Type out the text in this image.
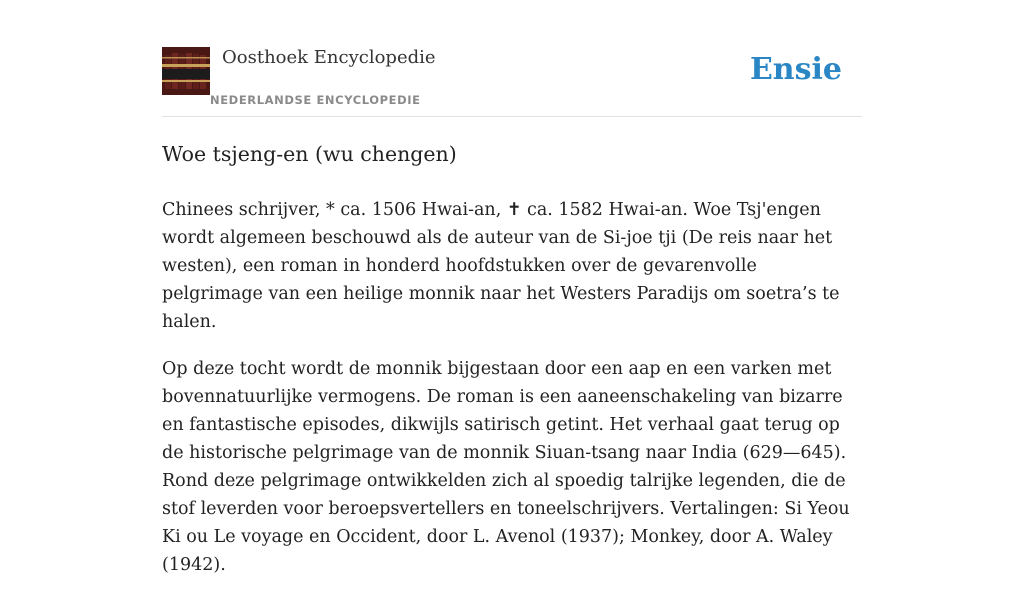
Oosthoek Encyclopedie
NEDERLANDSE ENCYCLOPEDIE
Ensie
Woe tsjeng-en (wu chengen)

Chinees schrijver, * ca. 1506 Hwai-an, ✝ ca. 1582 Hwai-an. Woe Tsj'engen wordt algemeen beschouwd als de auteur van de Si-joe tji (De reis naar het westen), een roman in honderd hoofdstukken over de gevarenvolle pelgrimage van een heilige monnik naar het Westers Paradijs om soetra’s te halen.

Op deze tocht wordt de monnik bijgestaan door een aap en een varken met bovennatuurlijke vermogens. De roman is een aaneenschakeling van bizarre en fantastische episodes, dikwijls satirisch getint. Het verhaal gaat terug op de historische pelgrimage van de monnik Siuan-tsang naar India (629—645). Rond deze pelgrimage ontwikkelden zich al spoedig talrijke legenden, die de stof leverden voor beroepsvertellers en toneelschrijvers. Vertalingen: Si Yeou Ki ou Le voyage en Occident, door L. Avenol (1937); Monkey, door A. Waley (1942).
